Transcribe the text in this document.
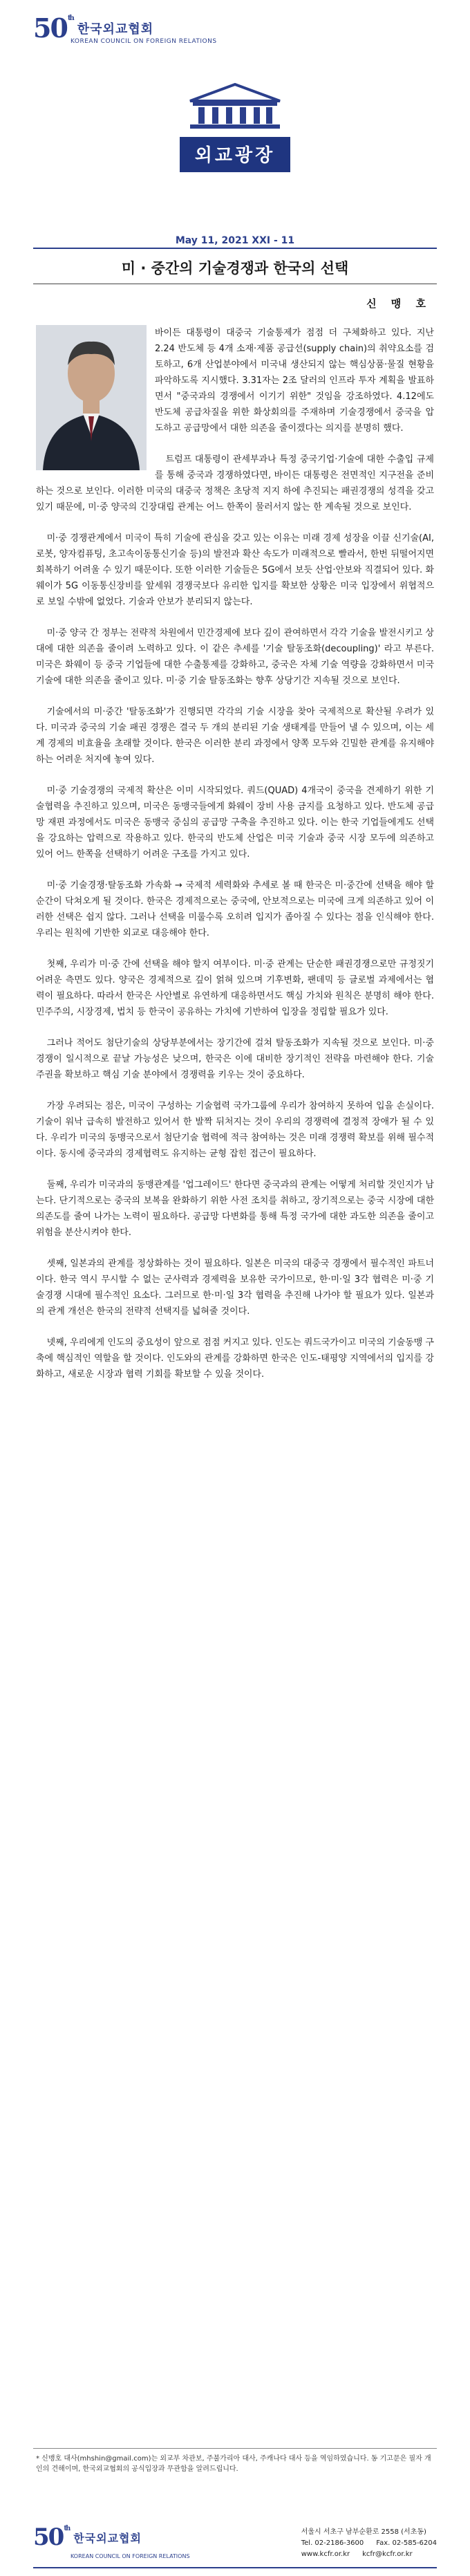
50th
한국외교협회
KOREAN COUNCIL ON FOREIGN RELATIONS
외교광장
May 11, 2021 XXI - 11
미 · 중간의 기술경쟁과 한국의 선택
신 맹 호

바이든 대통령이 대중국 기술통제가 점점 더 구체화하고 있다. 지난 2.24 반도체 등 4개 소재·제품 공급선(supply chain)의 취약요소를 검토하고, 6개 산업분야에서 미국내 생산되지 않는 핵심상품·물질 현황을 파악하도록 지시했다. 3.31자는 2조 달러의 인프라 투자 계획을 발표하면서 "중국과의 경쟁에서 이기기 위한" 것임을 강조하였다. 4.12에도 반도체 공급차질을 위한 화상회의를 주재하며 기술경쟁에서 중국을 압도하고 공급망에서 대한 의존을 줄이겠다는 의지를 분명히 했다.

트럼프 대통령이 관세부과나 특정 중국기업·기술에 대한 수출입 규제를 통해 중국과 경쟁하였다면, 바이든 대통령은 전면적인 지구전을 준비하는 것으로 보인다. 이러한 미국의 대중국 정책은 초당적 지지 하에 추진되는 패권경쟁의 성격을 갖고 있기 때문에, 미·중 양국의 긴장대립 관계는 어느 한쪽이 물러서지 않는 한 계속될 것으로 보인다.

미·중 경쟁관계에서 미국이 특히 기술에 관심을 갖고 있는 이유는 미래 경제 성장을 이끌 신기술(AI, 로봇, 양자컴퓨팅, 초고속이동통신기술 등)의 발전과 확산 속도가 미래적으로 빨라서, 한번 뒤떨어지면 회복하기 어려울 수 있기 때문이다. 또한 이러한 기술들은 5G에서 보듯 산업·안보와 직결되어 있다. 화웨이가 5G 이동통신장비를 앞세워 경쟁국보다 유리한 입지를 확보한 상황은 미국 입장에서 위협적으로 보일 수밖에 없었다. 기술과 안보가 분리되지 않는다.

미·중 양국 간 정부는 전략적 차원에서 민간경제에 보다 깊이 관여하면서 각각 기술을 발전시키고 상대에 대한 의존을 줄이려 노력하고 있다. 이 같은 추세를 '기술 탈동조화(decoupling)' 라고 부른다. 미국은 화웨이 등 중국 기업들에 대한 수출통제를 강화하고, 중국은 자체 기술 역량을 강화하면서 미국 기술에 대한 의존을 줄이고 있다. 미·중 기술 탈동조화는 향후 상당기간 지속될 것으로 보인다.

기술에서의 미·중간 '탈동조화'가 진행되면 각각의 기술 시장을 찾아 국제적으로 확산될 우려가 있다. 미국과 중국의 기술 패권 경쟁은 결국 두 개의 분리된 기술 생태계를 만들어 낼 수 있으며, 이는 세계 경제의 비효율을 초래할 것이다. 한국은 이러한 분리 과정에서 양쪽 모두와 긴밀한 관계를 유지해야 하는 어려운 처지에 놓여 있다.

미·중 기술경쟁의 국제적 확산은 이미 시작되었다. 쿼드(QUAD) 4개국이 중국을 견제하기 위한 기술협력을 추진하고 있으며, 미국은 동맹국들에게 화웨이 장비 사용 금지를 요청하고 있다. 반도체 공급망 재편 과정에서도 미국은 동맹국 중심의 공급망 구축을 추진하고 있다. 이는 한국 기업들에게도 선택을 강요하는 압력으로 작용하고 있다. 한국의 반도체 산업은 미국 기술과 중국 시장 모두에 의존하고 있어 어느 한쪽을 선택하기 어려운 구조를 가지고 있다.

미·중 기술경쟁·탈동조화 가속화 → 국제적 세력화와 추세로 볼 때 한국은 미·중간에 선택을 해야 할 순간이 닥쳐오게 될 것이다. 한국은 경제적으로는 중국에, 안보적으로는 미국에 크게 의존하고 있어 이러한 선택은 쉽지 않다. 그러나 선택을 미룰수록 오히려 입지가 좁아질 수 있다는 점을 인식해야 한다. 우리는 원칙에 기반한 외교로 대응해야 한다.

첫째, 우리가 미·중 간에 선택을 해야 할지 여부이다. 미·중 관계는 단순한 패권경쟁으로만 규정짓기 어려운 측면도 있다. 양국은 경제적으로 깊이 얽혀 있으며 기후변화, 팬데믹 등 글로벌 과제에서는 협력이 필요하다. 따라서 한국은 사안별로 유연하게 대응하면서도 핵심 가치와 원칙은 분명히 해야 한다. 민주주의, 시장경제, 법치 등 한국이 공유하는 가치에 기반하여 입장을 정립할 필요가 있다.

그러나 적어도 첨단기술의 상당부분에서는 장기간에 걸쳐 탈동조화가 지속될 것으로 보인다. 미·중 경쟁이 일시적으로 끝날 가능성은 낮으며, 한국은 이에 대비한 장기적인 전략을 마련해야 한다. 기술 주권을 확보하고 핵심 기술 분야에서 경쟁력을 키우는 것이 중요하다.

가장 우려되는 점은, 미국이 구성하는 기술협력 국가그룹에 우리가 참여하지 못하여 입을 손실이다. 기술이 워낙 급속히 발전하고 있어서 한 발짝 뒤처지는 것이 우리의 경쟁력에 결정적 장애가 될 수 있다. 우리가 미국의 동맹국으로서 첨단기술 협력에 적극 참여하는 것은 미래 경쟁력 확보를 위해 필수적이다. 동시에 중국과의 경제협력도 유지하는 균형 잡힌 접근이 필요하다.

둘째, 우리가 미국과의 동맹관계를 '업그레이드' 한다면 중국과의 관계는 어떻게 처리할 것인지가 남는다. 단기적으로는 중국의 보복을 완화하기 위한 사전 조치를 취하고, 장기적으로는 중국 시장에 대한 의존도를 줄여 나가는 노력이 필요하다. 공급망 다변화를 통해 특정 국가에 대한 과도한 의존을 줄이고 위험을 분산시켜야 한다.

셋째, 일본과의 관계를 정상화하는 것이 필요하다. 일본은 미국의 대중국 경쟁에서 필수적인 파트너이다. 한국 역시 무시할 수 없는 군사력과 경제력을 보유한 국가이므로, 한·미·일 3각 협력은 미·중 기술경쟁 시대에 필수적인 요소다. 그러므로 한·미·일 3각 협력을 추진해 나가야 할 필요가 있다. 일본과의 관계 개선은 한국의 전략적 선택지를 넓혀줄 것이다.

넷째, 우리에게 인도의 중요성이 앞으로 점점 커지고 있다. 인도는 쿼드국가이고 미국의 기술동맹 구축에 핵심적인 역할을 할 것이다. 인도와의 관계를 강화하면 한국은 인도-태평양 지역에서의 입지를 강화하고, 새로운 시장과 협력 기회를 확보할 수 있을 것이다.

* 신맹호 대사(mhshin@gmail.com)는 외교부 차관보, 주불가리아 대사, 주캐나다 대사 등을 역임하였습니다. 동 기고문은 필자 개인의 견해이며, 한국외교협회의 공식입장과 무관함을 알려드립니다.
50th
한국외교협회
KOREAN COUNCIL ON FOREIGN RELATIONS
서울시 서초구 남부순환로 2558 (서초동)
Tel. 02-2186-3600 Fax. 02-585-6204
www.kcfr.or.kr kcfr@kcfr.or.kr
